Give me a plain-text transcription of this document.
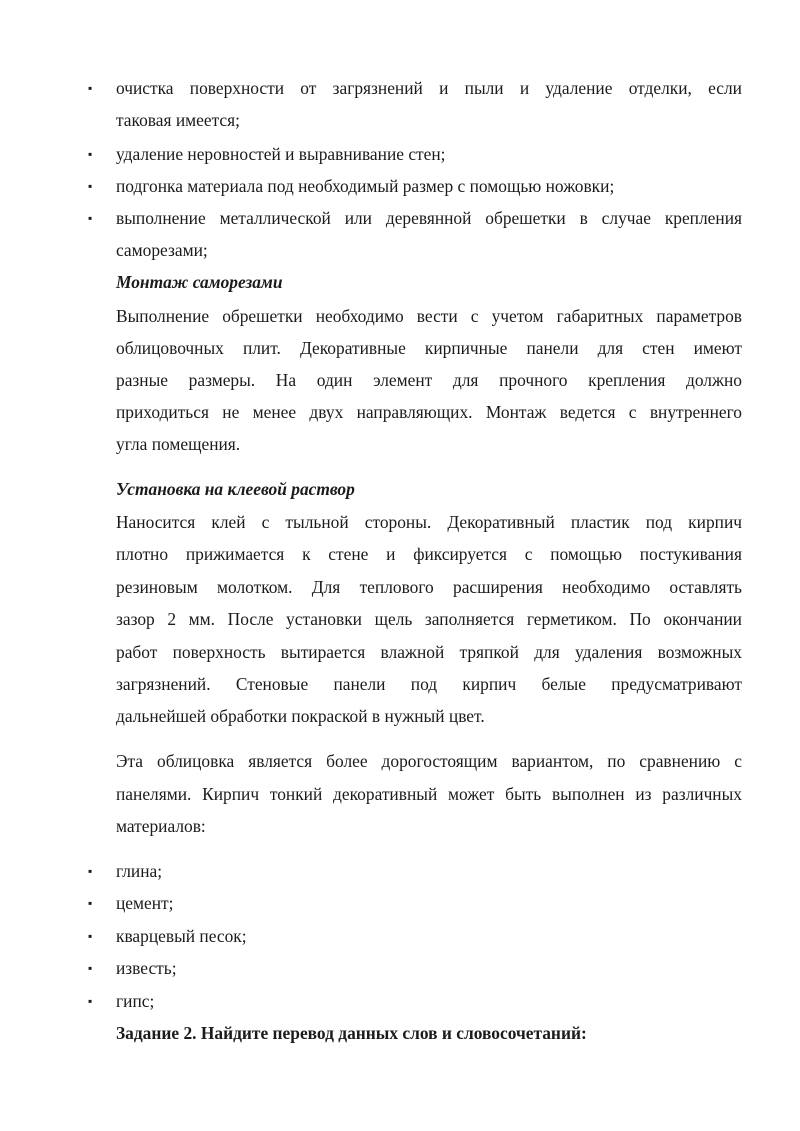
▪ очистка поверхности от загрязнений и пыли и удаление отделки, если
таковая имеется;
▪ удаление неровностей и выравнивание стен;
▪ подгонка материала под необходимый размер с помощью ножовки;
▪ выполнение металлической или деревянной обрешетки в случае крепления
саморезами;
Монтаж саморезами
Выполнение обрешетки необходимо вести с учетом габаритных параметров
облицовочных плит. Декоративные кирпичные панели для стен имеют
разные размеры. На один элемент для прочного крепления должно
приходиться не менее двух направляющих. Монтаж ведется с внутреннего
угла помещения.
Установка на клеевой раствор
Наносится клей с тыльной стороны. Декоративный пластик под кирпич
плотно прижимается к стене и фиксируется с помощью постукивания
резиновым молотком. Для теплового расширения необходимо оставлять
зазор 2 мм. После установки щель заполняется герметиком. По окончании
работ поверхность вытирается влажной тряпкой для удаления возможных
загрязнений. Стеновые панели под кирпич белые предусматривают
дальнейшей обработки покраской в нужный цвет.
Эта облицовка является более дорогостоящим вариантом, по сравнению с
панелями. Кирпич тонкий декоративный может быть выполнен из различных
материалов:
▪ глина;
▪ цемент;
▪ кварцевый песок;
▪ известь;
▪ гипс;
Задание 2. Найдите перевод данных слов и словосочетаний:
